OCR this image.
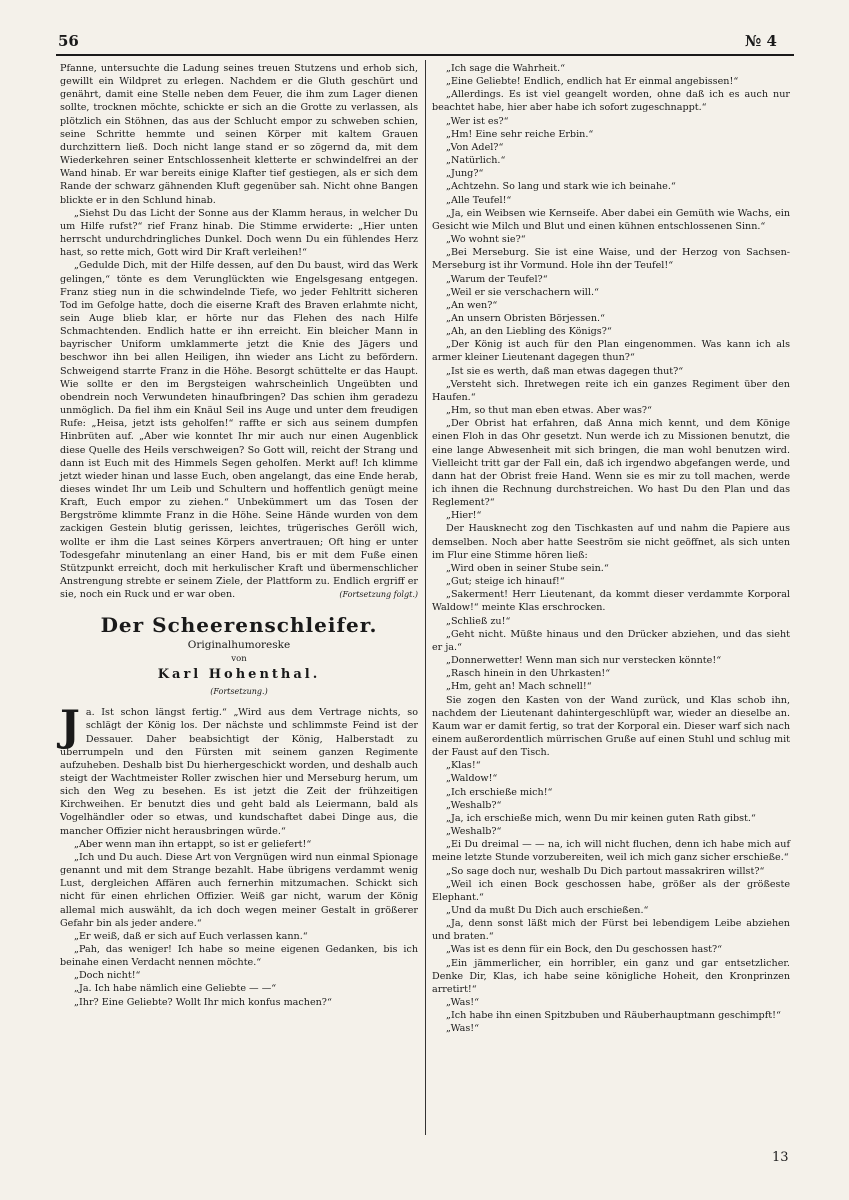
56	№ 4

Pfanne, untersuchte die Ladung seines treuen Stutzens und erhob sich, gewillt ein Wildpret zu erlegen. Nachdem er die Gluth geschürt und genährt, damit eine Stelle neben dem Feuer, die ihm zum Lager dienen sollte, trocknen möchte, schickte er sich an die Grotte zu verlassen, als plötzlich ein Stöhnen, das aus der Schlucht empor zu schweben schien, seine Schritte hemmte und seinen Körper mit kaltem Grauen durchzittern ließ. Doch nicht lange stand er so zögernd da, mit dem Wiederkehren seiner Entschlossenheit kletterte er schwindelfrei an der Wand hinab. Er war bereits einige Klafter tief gestiegen, als er sich dem Rande der schwarz gähnenden Kluft gegenüber sah. Nicht ohne Bangen blickte er in den Schlund hinab.

„Siehst Du das Licht der Sonne aus der Klamm heraus, in welcher Du um Hilfe rufst?“ rief Franz hinab. Die Stimme erwiderte: „Hier unten herrscht undurchdringliches Dunkel. Doch wenn Du ein fühlendes Herz hast, so rette mich, Gott wird Dir Kraft verleihen!“

„Gedulde Dich, mit der Hilfe dessen, auf den Du baust, wird das Werk gelingen,“ tönte es dem Verunglückten wie Engelsgesang entgegen. Franz stieg nun in die schwindelnde Tiefe, wo jeder Fehltritt sicheren Tod im Gefolge hatte, doch die eiserne Kraft des Braven erlahmte nicht, sein Auge blieb klar, er hörte nur das Flehen des nach Hilfe Schmachtenden. Endlich hatte er ihn erreicht. Ein bleicher Mann in bayrischer Uniform umklammerte jetzt die Knie des Jägers und beschwor ihn bei allen Heiligen, ihn wieder ans Licht zu befördern. Schweigend starrte Franz in die Höhe. Besorgt schüttelte er das Haupt. Wie sollte er den im Bergsteigen wahrscheinlich Ungeübten und obendrein noch Verwundeten hinaufbringen? Das schien ihm geradezu unmöglich. Da fiel ihm ein Knäul Seil ins Auge und unter dem freudigen Rufe: „Heisa, jetzt ists geholfen!“ raffte er sich aus seinem dumpfen Hinbrüten auf. „Aber wie konntet Ihr mir auch nur einen Augenblick diese Quelle des Heils verschweigen? So Gott will, reicht der Strang und dann ist Euch mit des Himmels Segen geholfen. Merkt auf! Ich klimme jetzt wieder hinan und lasse Euch, oben angelangt, das eine Ende herab, dieses windet Ihr um Leib und Schultern und hoffentlich genügt meine Kraft, Euch empor zu ziehen.“ Unbekümmert um das Tosen der Bergströme klimmte Franz in die Höhe. Seine Hände wurden von dem zackigen Gestein blutig gerissen, leichtes, trügerisches Geröll wich, wollte er ihm die Last seines Körpers anvertrauen; Oft hing er unter Todesgefahr minutenlang an einer Hand, bis er mit dem Fuße einen Stützpunkt erreicht, doch mit herkulischer Kraft und übermenschlicher Anstrengung strebte er seinem Ziele, der Plattform zu. Endlich ergriff er sie, noch ein Ruck und er war oben.	(Fortsetzung folgt.)

Der Scheerenschleifer.
Originalhumoreske
von
Karl Hohenthal.
(Fortsetzung.)

Ja. Ist schon längst fertig.“ „Wird aus dem Vertrage nichts, so schlägt der König los. Der nächste und schlimmste Feind ist der Dessauer. Daher beabsichtigt der König, Halberstadt zu überrumpeln und den Fürsten mit seinem ganzen Regimente aufzuheben. Deshalb bist Du hierhergeschickt worden, und deshalb auch steigt der Wachtmeister Roller zwischen hier und Merseburg herum, um sich den Weg zu besehen. Es ist jetzt die Zeit der frühzeitigen Kirchweihen. Er benutzt dies und geht bald als Leiermann, bald als Vogelhändler oder so etwas, und kundschaftet dabei Dinge aus, die mancher Offizier nicht herausbringen würde.“

„Aber wenn man ihn ertappt, so ist er geliefert!“

„Ich und Du auch. Diese Art von Vergnügen wird nun einmal Spionage genannt und mit dem Strange bezahlt. Habe übrigens verdammt wenig Lust, dergleichen Affären auch fernerhin mitzumachen. Schickt sich nicht für einen ehrlichen Offizier. Weiß gar nicht, warum der König allemal mich auswählt, da ich doch wegen meiner Gestalt in größerer Gefahr bin als jeder andere.“

„Er weiß, daß er sich auf Euch verlassen kann.“

„Pah, das weniger! Ich habe so meine eigenen Gedanken, bis ich beinahe einen Verdacht nennen möchte.“

„Doch nicht!“

„Ja. Ich habe nämlich eine Geliebte — —“

„Ihr? Eine Geliebte? Wollt Ihr mich konfus machen?“

„Ich sage die Wahrheit.“

„Eine Geliebte! Endlich, endlich hat Er einmal angebissen!“

„Allerdings. Es ist viel geangelt worden, ohne daß ich es auch nur beachtet habe, hier aber habe ich sofort zugeschnappt.“

„Wer ist es?“

„Hm! Eine sehr reiche Erbin.“

„Von Adel?“

„Natürlich.“

„Jung?“

„Achtzehn. So lang und stark wie ich beinahe.“

„Alle Teufel!“

„Ja, ein Weibsen wie Kernseife. Aber dabei ein Gemüth wie Wachs, ein Gesicht wie Milch und Blut und einen kühnen entschlossenen Sinn.“

„Wo wohnt sie?“

„Bei Merseburg. Sie ist eine Waise, und der Herzog von Sachsen-Merseburg ist ihr Vormund. Hole ihn der Teufel!“

„Warum der Teufel?“

„Weil er sie verschachern will.“

„An wen?“

„An unsern Obristen Börjessen.“

„Ah, an den Liebling des Königs?“

„Der König ist auch für den Plan eingenommen. Was kann ich als armer kleiner Lieutenant dagegen thun?“

„Ist sie es werth, daß man etwas dagegen thut?“

„Versteht sich. Ihretwegen reite ich ein ganzes Regiment über den Haufen.“

„Hm, so thut man eben etwas. Aber was?“

„Der Obrist hat erfahren, daß Anna mich kennt, und dem Könige einen Floh in das Ohr gesetzt. Nun werde ich zu Missionen benutzt, die eine lange Abwesenheit mit sich bringen, die man wohl benutzen wird. Vielleicht tritt gar der Fall ein, daß ich irgendwo abgefangen werde, und dann hat der Obrist freie Hand. Wenn sie es mir zu toll machen, werde ich ihnen die Rechnung durchstreichen. Wo hast Du den Plan und das Reglement?“

„Hier!“

Der Hausknecht zog den Tischkasten auf und nahm die Papiere aus demselben. Noch aber hatte Seeström sie nicht geöffnet, als sich unten im Flur eine Stimme hören ließ:

„Wird oben in seiner Stube sein.“

„Gut; steige ich hinauf!“

„Sakerment! Herr Lieutenant, da kommt dieser verdammte Korporal Waldow!“ meinte Klas erschrocken.

„Schließ zu!“

„Geht nicht. Müßte hinaus und den Drücker abziehen, und das sieht er ja.“

„Donnerwetter! Wenn man sich nur verstecken könnte!“

„Rasch hinein in den Uhrkasten!“

„Hm, geht an! Mach schnell!“

Sie zogen den Kasten von der Wand zurück, und Klas schob ihn, nachdem der Lieutenant dahintergeschlüpft war, wieder an dieselbe an. Kaum war er damit fertig, so trat der Korporal ein. Dieser warf sich nach einem außerordentlich mürrischen Gruße auf einen Stuhl und schlug mit der Faust auf den Tisch.

„Klas!“

„Waldow!“

„Ich erschieße mich!“

„Weshalb?“

„Ja, ich erschieße mich, wenn Du mir keinen guten Rath gibst.“

„Weshalb?“

„Ei Du dreimal — — na, ich will nicht fluchen, denn ich habe mich auf meine letzte Stunde vorzubereiten, weil ich mich ganz sicher erschieße.“

„So sage doch nur, weshalb Du Dich partout massakriren willst?“

„Weil ich einen Bock geschossen habe, größer als der größeste Elephant.“

„Und da mußt Du Dich auch erschießen.“

„Ja, denn sonst läßt mich der Fürst bei lebendigem Leibe abziehen und braten.“

„Was ist es denn für ein Bock, den Du geschossen hast?“

„Ein jämmerlicher, ein horribler, ein ganz und gar entsetzlicher. Denke Dir, Klas, ich habe seine königliche Hoheit, den Kronprinzen arretirt!“

„Was!“

„Ich habe ihn einen Spitzbuben und Räuberhauptmann geschimpft!“

„Was!“

13
